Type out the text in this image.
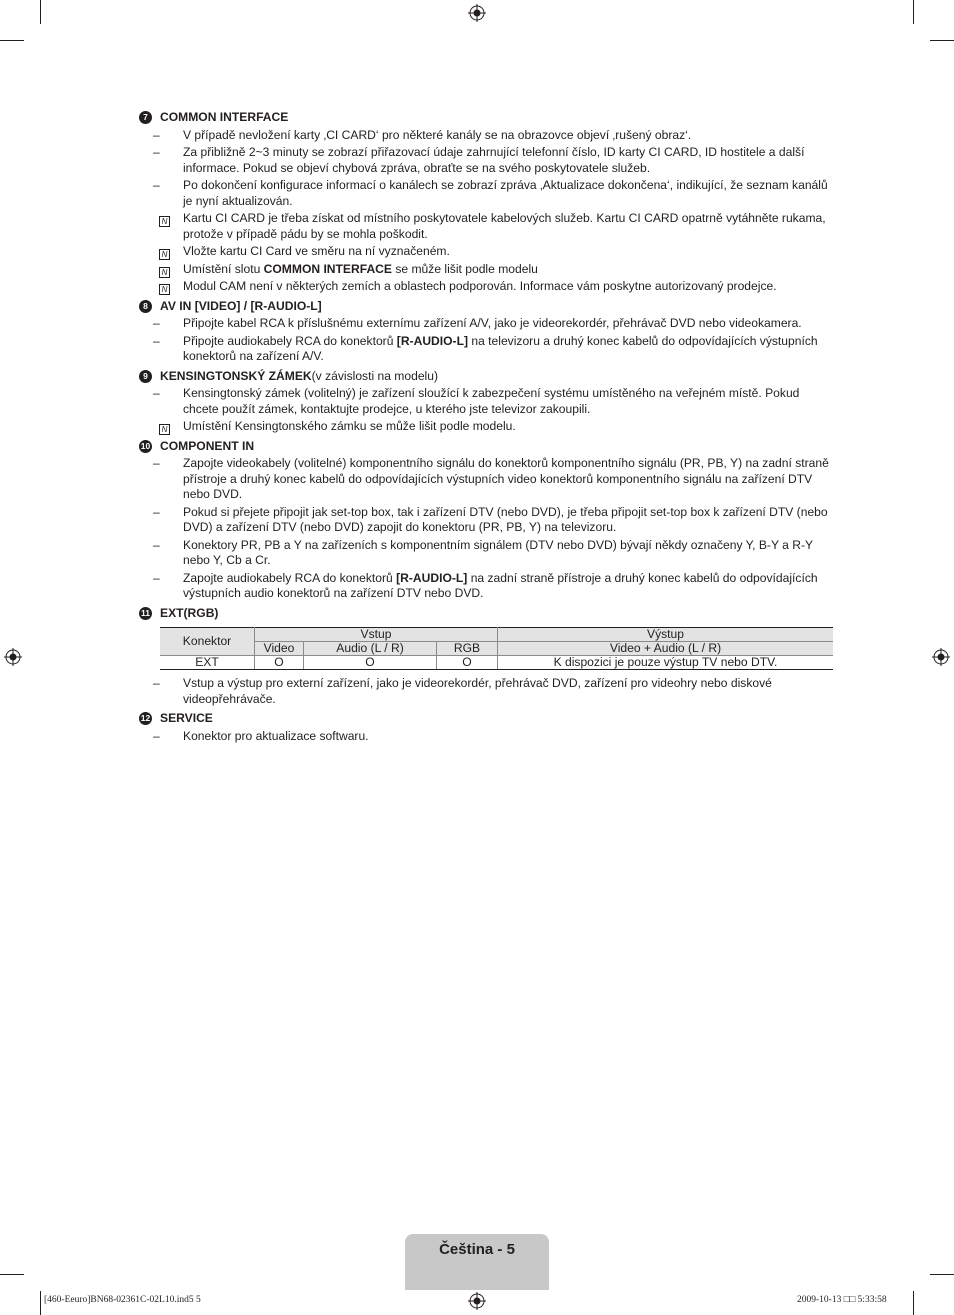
7	COMMON INTERFACE
–	V případě nevložení karty ‚CI CARD‘ pro některé kanály se na obrazovce objeví ‚rušený obraz‘.
–	Za přibližně 2~3 minuty se zobrazí přiřazovací údaje zahrnující telefonní číslo, ID karty CI CARD, ID hostitele a další informace. Pokud se objeví chybová zpráva, obraťte se na svého poskytovatele služeb.
–	Po dokončení konfigurace informací o kanálech se zobrazí zpráva ‚Aktualizace dokončena‘, indikující, že seznam kanálů je nyní aktualizován.
N	Kartu CI CARD je třeba získat od místního poskytovatele kabelových služeb. Kartu CI CARD opatrně vytáhněte rukama, protože v případě pádu by se mohla poškodit.
N	Vložte kartu CI Card ve směru na ní vyznačeném.
N	Umístění slotu COMMON INTERFACE se může lišit podle modelu
N	Modul CAM není v některých zemích a oblastech podporován. Informace vám poskytne autorizovaný prodejce.
8	AV IN [VIDEO] / [R-AUDIO-L]
–	Připojte kabel RCA k příslušnému externímu zařízení A/V, jako je videorekordér, přehrávač DVD nebo videokamera.
–	Připojte audiokabely RCA do konektorů [R-AUDIO-L] na televizoru a druhý konec kabelů do odpovídajících výstupních konektorů na zařízení A/V.
9	KENSINGTONSKÝ ZÁMEK (v závislosti na modelu)
–	Kensingtonský zámek (volitelný) je zařízení sloužící k zabezpečení systému umístěného na veřejném místě. Pokud chcete použít zámek, kontaktujte prodejce, u kterého jste televizor zakoupili.
N	Umístění Kensingtonského zámku se může lišit podle modelu.
10 COMPONENT IN
–	Zapojte videokabely (volitelné) komponentního signálu do konektorů komponentního signálu (PR, PB, Y) na zadní straně přístroje a druhý konec kabelů do odpovídajících výstupních video konektorů komponentního signálu na zařízení DTV nebo DVD.
–	Pokud si přejete připojit jak set-top box, tak i zařízení DTV (nebo DVD), je třeba připojit set-top box k zařízení DTV (nebo DVD) a zařízení DTV (nebo DVD) zapojit do konektoru (PR, PB, Y) na televizoru.
–	Konektory PR, PB a Y na zařízeních s komponentním signálem (DTV nebo DVD) bývají někdy označeny Y, B-Y a R-Y nebo Y, Cb a Cr.
–	Zapojte audiokabely RCA do konektorů [R-AUDIO-L] na zadní straně přístroje a druhý konec kabelů do odpovídajících výstupních audio konektorů na zařízení DTV nebo DVD.
11 EXT(RGB)
Konektor	Vstup			Výstup
	Video	Audio (L / R)	RGB	Video + Audio (L / R)
EXT	O	O	O	K dispozici je pouze výstup TV nebo DTV.
–	Vstup a výstup pro externí zařízení, jako je videorekordér, přehrávač DVD, zařízení pro videohry nebo diskové videopřehrávače.
12 SERVICE
–	Konektor pro aktualizace softwaru.
Čeština - 5
[460-Eeuro]BN68-02361C-02L10.ind5 5	2009-10-13 □□ 5:33:58
